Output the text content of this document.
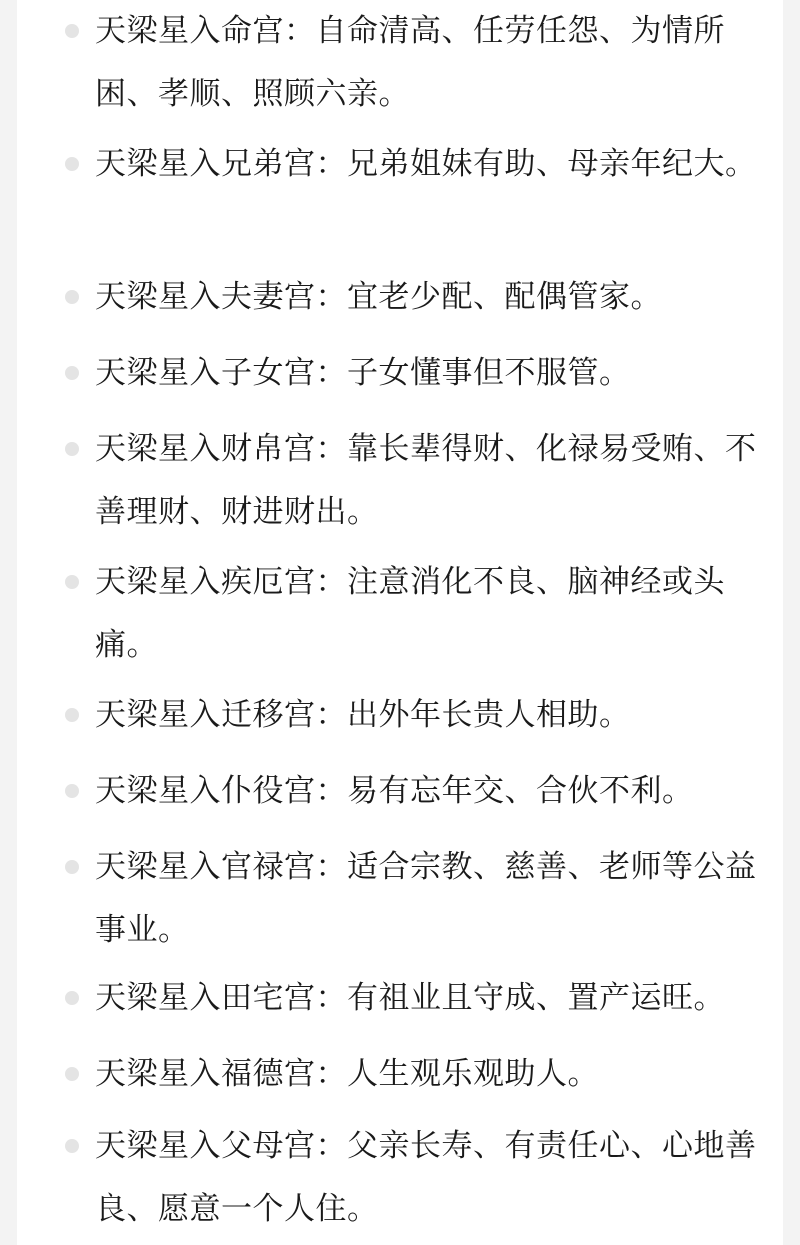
天梁星入命宫：自命清高、任劳任怨、为情所困、孝顺、照顾六亲。
天梁星入兄弟宫：兄弟姐妹有助、母亲年纪大。
天梁星入夫妻宫：宜老少配、配偶管家。
天梁星入子女宫：子女懂事但不服管。
天梁星入财帛宫：靠长辈得财、化禄易受贿、不善理财、财进财出。
天梁星入疾厄宫：注意消化不良、脑神经或头痛。
天梁星入迁移宫：出外年长贵人相助。
天梁星入仆役宫：易有忘年交、合伙不利。
天梁星入官禄宫：适合宗教、慈善、老师等公益事业。
天梁星入田宅宫：有祖业且守成、置产运旺。
天梁星入福德宫：人生观乐观助人。
天梁星入父母宫：父亲长寿、有责任心、心地善良、愿意一个人住。
